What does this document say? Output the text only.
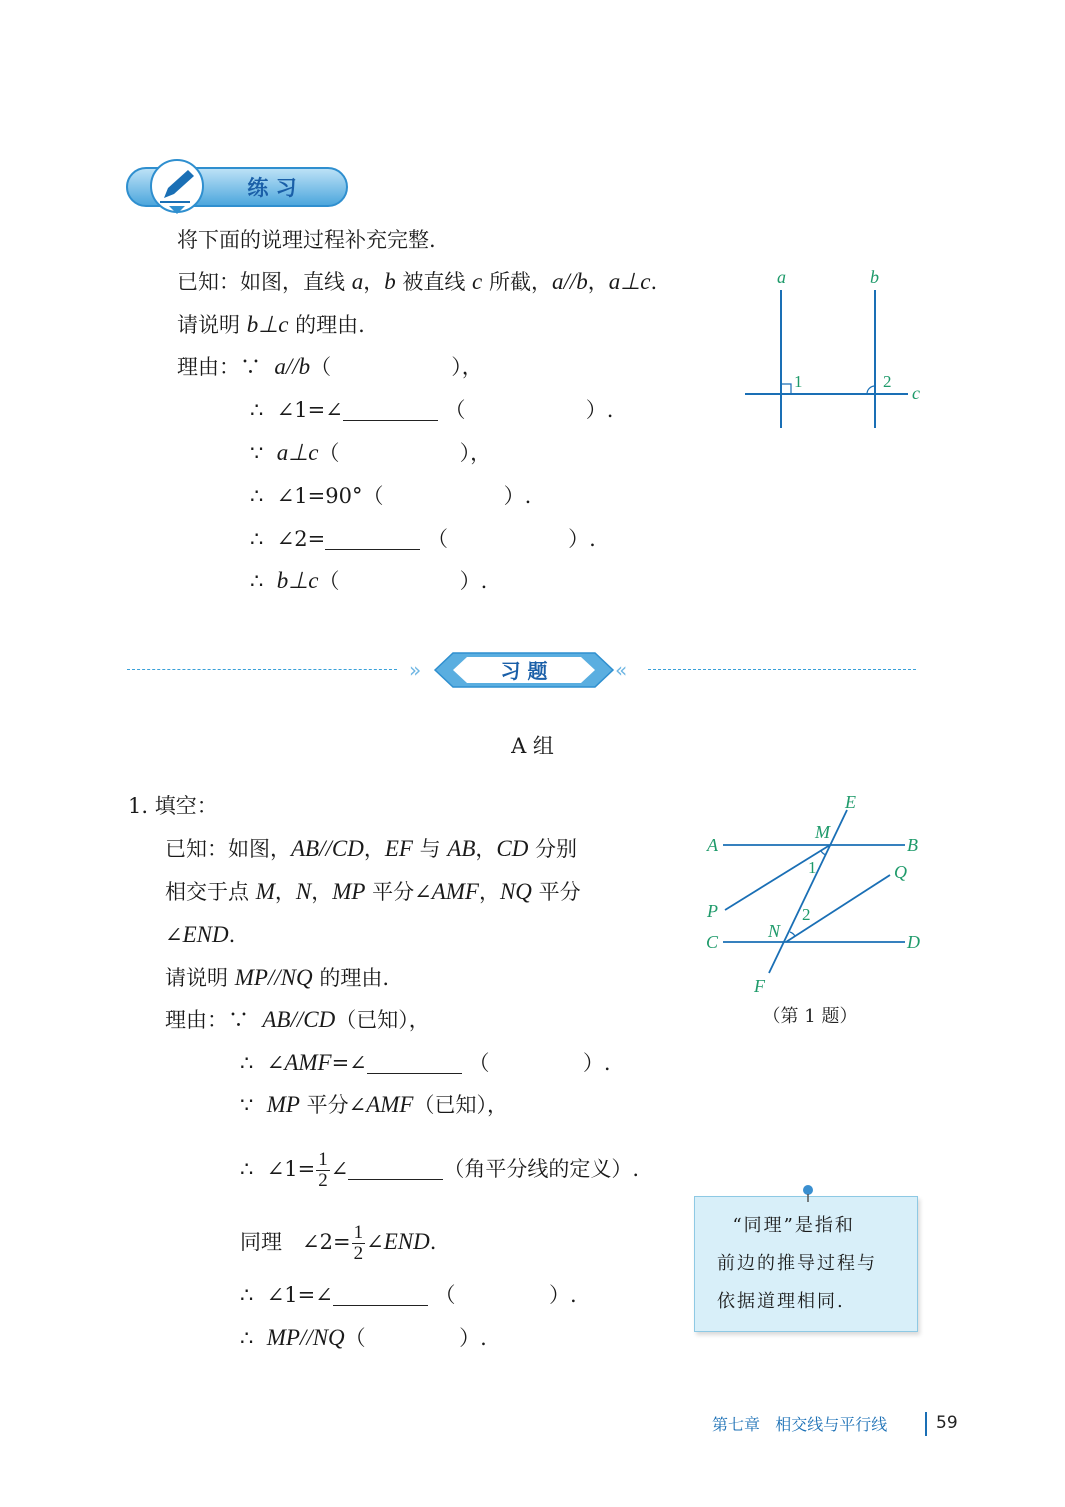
练 习
将下面的说理过程补充完整.
已知：如图，直线 a，b 被直线 c 所截，a//b，a⊥c.
请说明 b⊥c 的理由.
理由：∵  a//b（                  ），
∴  ∠1=∠	（                  ）.
∵  a⊥c（                  ），
∴  ∠1=90°（                  ）.
∴  ∠2=	（                  ）.
∴  b⊥c（                  ）.
a	b
c
1	2
A	B
C	D
E
F
M
N
P
Q
1
2
（第 1 题）
»	习 题	«
A 组
1. 填空：
已知：如图，AB//CD，EF 与 AB，CD 分别
相交于点 M，N，MP 平分∠AMF，NQ 平分
∠END.
请说明 MP//NQ 的理由.
理由：∵  AB//CD（已知），
∴  ∠AMF=∠	（              ）.
∵  MP 平分∠AMF（已知），
∴  ∠1= $\frac{1}{2}$ ∠	（角平分线的定义）.
同理   ∠2= $\frac{1}{2}$ ∠END.
∴  ∠1=∠	（              ）.
∴  MP//NQ（              ）.
“同理”是指和
前边的推导过程与
依据道理相同.
第七章   相交线与平行线	59
